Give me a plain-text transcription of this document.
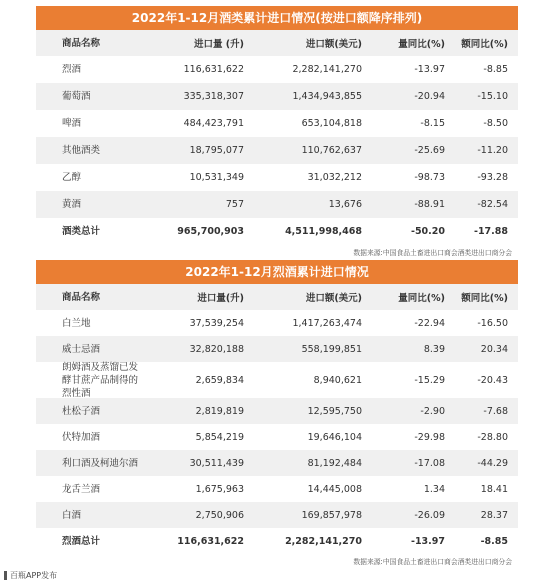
2022年1-12月酒类累计进口情况(按进口额降序排列)
商品名称	进口量 (升)	进口额(美元)	量同比(%)	额同比(%)
烈酒	116,631,622	2,282,141,270	-13.97	-8.85
葡萄酒	335,318,307	1,434,943,855	-20.94	-15.10
啤酒	484,423,791	653,104,818	-8.15	-8.50
其他酒类	18,795,077	110,762,637	-25.69	-11.20
乙醇	10,531,349	31,032,212	-98.73	-93.28
黄酒	757	13,676	-88.91	-82.54
酒类总计	965,700,903	4,511,998,468	-50.20	-17.88
数据来源:中国食品土畜进出口商会酒类进出口商分会
2022年1-12月烈酒累计进口情况
商品名称	进口量(升)	进口额(美元)	量同比(%)	额同比(%)
白兰地	37,539,254	1,417,263,474	-22.94	-16.50
威士忌酒	32,820,188	558,199,851	8.39	20.34
朗姆酒及蒸馏已发酵甘蔗产品制得的烈性酒
2,659,834	8,940,621	-15.29	-20.43
杜松子酒	2,819,819	12,595,750	-2.90	-7.68
伏特加酒	5,854,219	19,646,104	-29.98	-28.80
利口酒及柯迪尔酒	30,511,439	81,192,484	-17.08	-44.29
龙舌兰酒	1,675,963	14,445,008	1.34	18.41
白酒	2,750,906	169,857,978	-26.09	28.37
烈酒总计	116,631,622	2,282,141,270	-13.97	-8.85
数据来源:中国食品土畜进出口商会酒类进出口商分会
百瓶APP发布
